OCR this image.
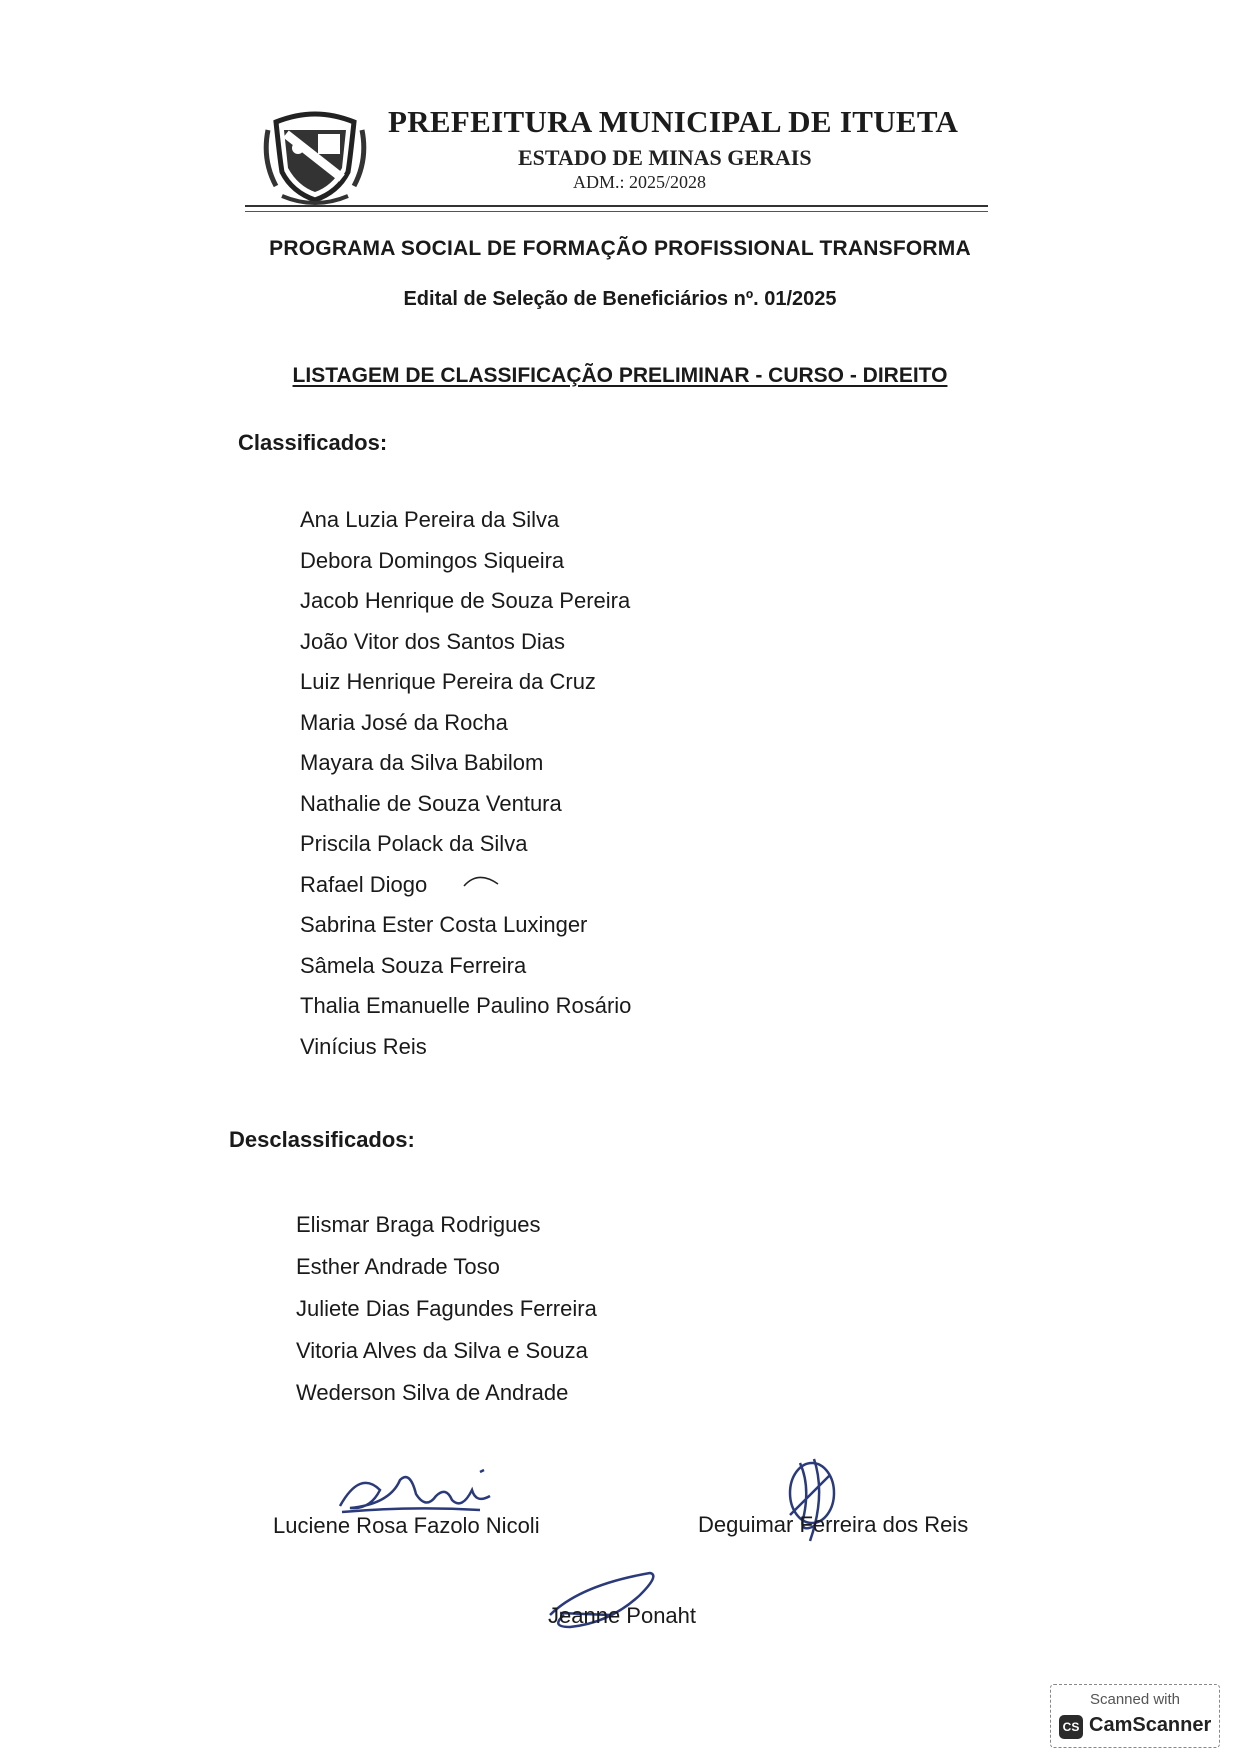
PREFEITURA MUNICIPAL DE ITUETA
ESTADO DE MINAS GERAIS
ADM.: 2025/2028
PROGRAMA SOCIAL DE FORMAÇÃO PROFISSIONAL TRANSFORMA
Edital de Seleção de Beneficiários nº. 01/2025
LISTAGEM DE CLASSIFICAÇÃO PRELIMINAR - CURSO - DIREITO
Classificados:
Ana Luzia Pereira da Silva
Debora Domingos Siqueira
Jacob Henrique de Souza Pereira
João Vitor dos Santos Dias
Luiz Henrique Pereira da Cruz
Maria José da Rocha
Mayara da Silva Babilom
Nathalie de Souza Ventura
Priscila Polack da Silva
Rafael Diogo
Sabrina Ester Costa Luxinger
Sâmela Souza Ferreira
Thalia Emanuelle Paulino Rosário
Vinícius Reis
Desclassificados:
Elismar Braga Rodrigues
Esther Andrade Toso
Juliete Dias Fagundes Ferreira
Vitoria Alves da Silva e Souza
Wederson Silva de Andrade
Luciene Rosa Fazolo Nicoli	Deguimar Ferreira dos Reis
Jeanne Ponaht
Scanned with
CS CamScanner
